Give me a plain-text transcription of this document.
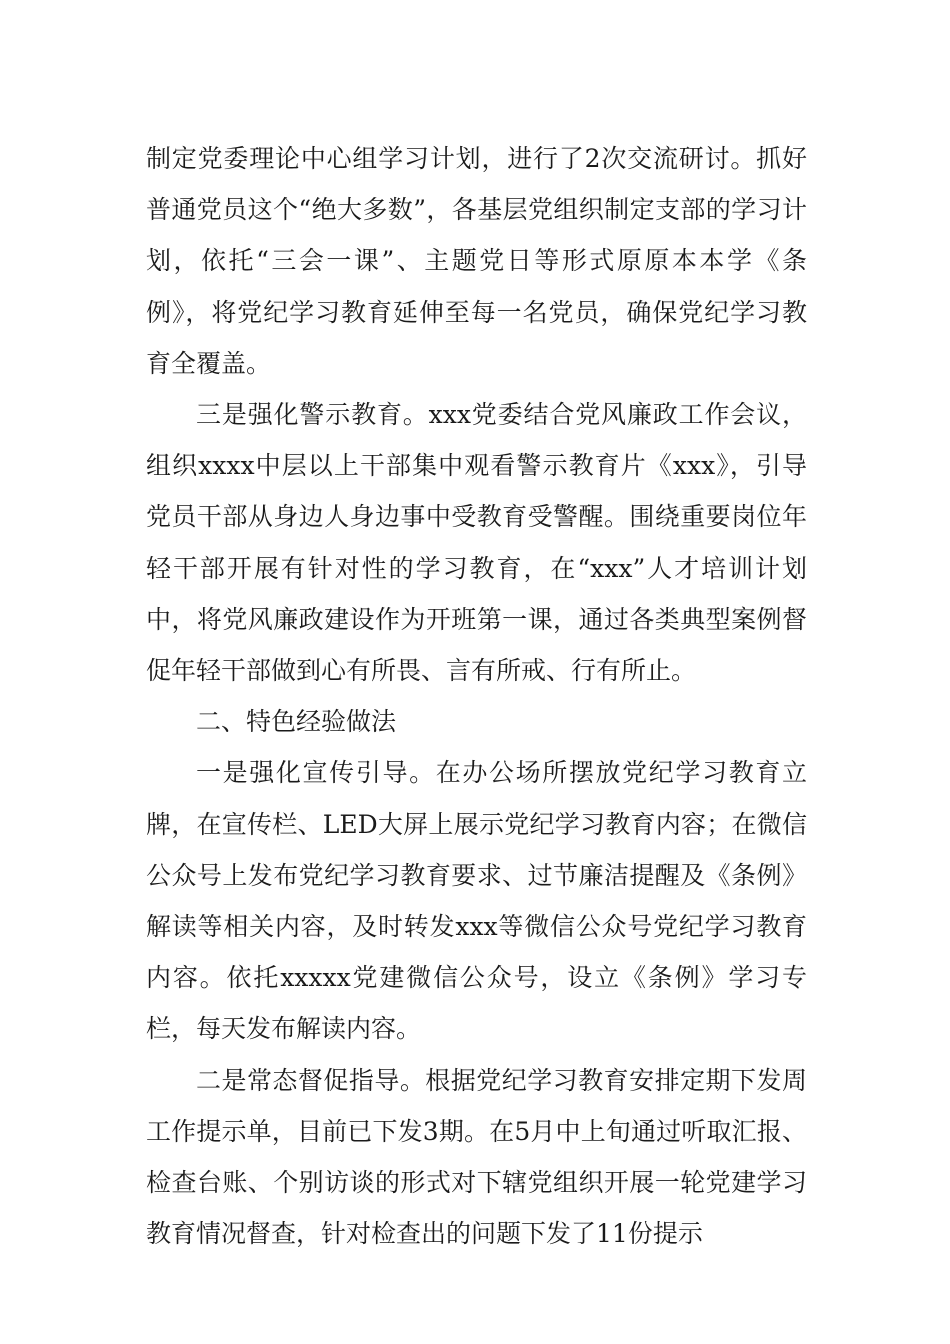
制定党委理论中心组学习计划，进行了2次交流研讨。抓好普通党员这个“绝大多数”，各基层党组织制定支部的学习计划，依托“三会一课”、主题党日等形式原原本本学《条例》，将党纪学习教育延伸至每一名党员，确保党纪学习教育全覆盖。

三是强化警示教育。xxx党委结合党风廉政工作会议，组织xxxx中层以上干部集中观看警示教育片《xxx》，引导党员干部从身边人身边事中受教育受警醒。围绕重要岗位年轻干部开展有针对性的学习教育，在“xxx”人才培训计划中，将党风廉政建设作为开班第一课，通过各类典型案例督促年轻干部做到心有所畏、言有所戒、行有所止。

二、特色经验做法

一是强化宣传引导。在办公场所摆放党纪学习教育立牌，在宣传栏、LED大屏上展示党纪学习教育内容；在微信公众号上发布党纪学习教育要求、过节廉洁提醒及《条例》解读等相关内容，及时转发xxx等微信公众号党纪学习教育内容。依托xxxxx党建微信公众号，设立《条例》学习专栏，每天发布解读内容。

二是常态督促指导。根据党纪学习教育安排定期下发周工作提示单，目前已下发3期。在5月中上旬通过听取汇报、检查台账、个别访谈的形式对下辖党组织开展一轮党建学习教育情况督查，针对检查出的问题下发了11份提示
